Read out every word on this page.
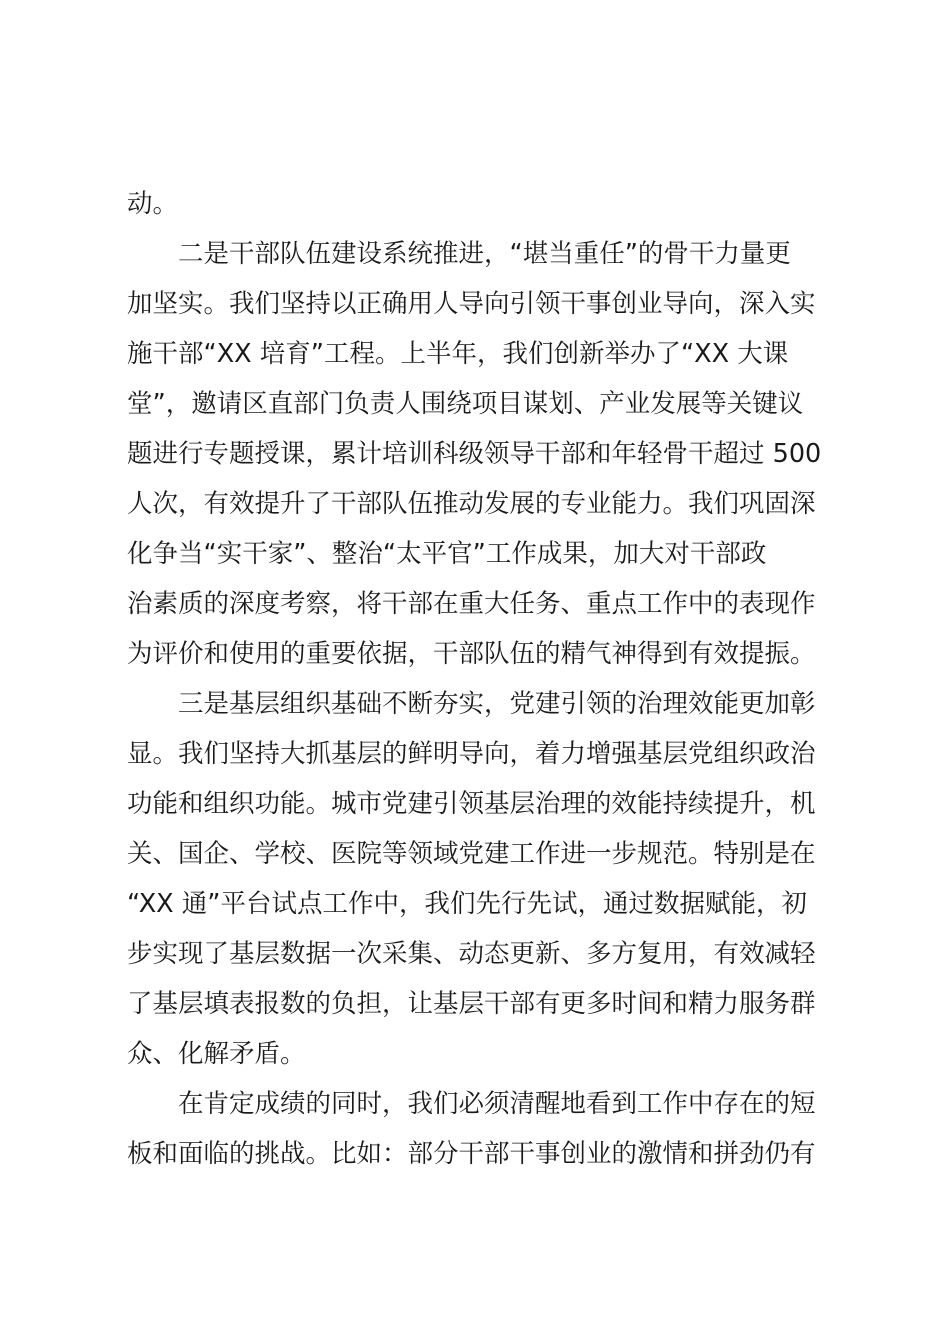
动。
二是干部队伍建设系统推进，“堪当重任”的骨干力量更
加坚实。我们坚持以正确用人导向引领干事创业导向，深入实
施干部“XX 培育”工程。上半年，我们创新举办了“XX 大课
堂”，邀请区直部门负责人围绕项目谋划、产业发展等关键议
题进行专题授课，累计培训科级领导干部和年轻骨干超过 500
人次，有效提升了干部队伍推动发展的专业能力。我们巩固深
化争当“实干家”、整治“太平官”工作成果，加大对干部政
治素质的深度考察，将干部在重大任务、重点工作中的表现作
为评价和使用的重要依据，干部队伍的精气神得到有效提振。
三是基层组织基础不断夯实，党建引领的治理效能更加彰
显。我们坚持大抓基层的鲜明导向，着力增强基层党组织政治
功能和组织功能。城市党建引领基层治理的效能持续提升，机
关、国企、学校、医院等领域党建工作进一步规范。特别是在
“XX 通”平台试点工作中，我们先行先试，通过数据赋能，初
步实现了基层数据一次采集、动态更新、多方复用，有效减轻
了基层填表报数的负担，让基层干部有更多时间和精力服务群
众、化解矛盾。
在肯定成绩的同时，我们必须清醒地看到工作中存在的短
板和面临的挑战。比如：部分干部干事创业的激情和拼劲仍有
